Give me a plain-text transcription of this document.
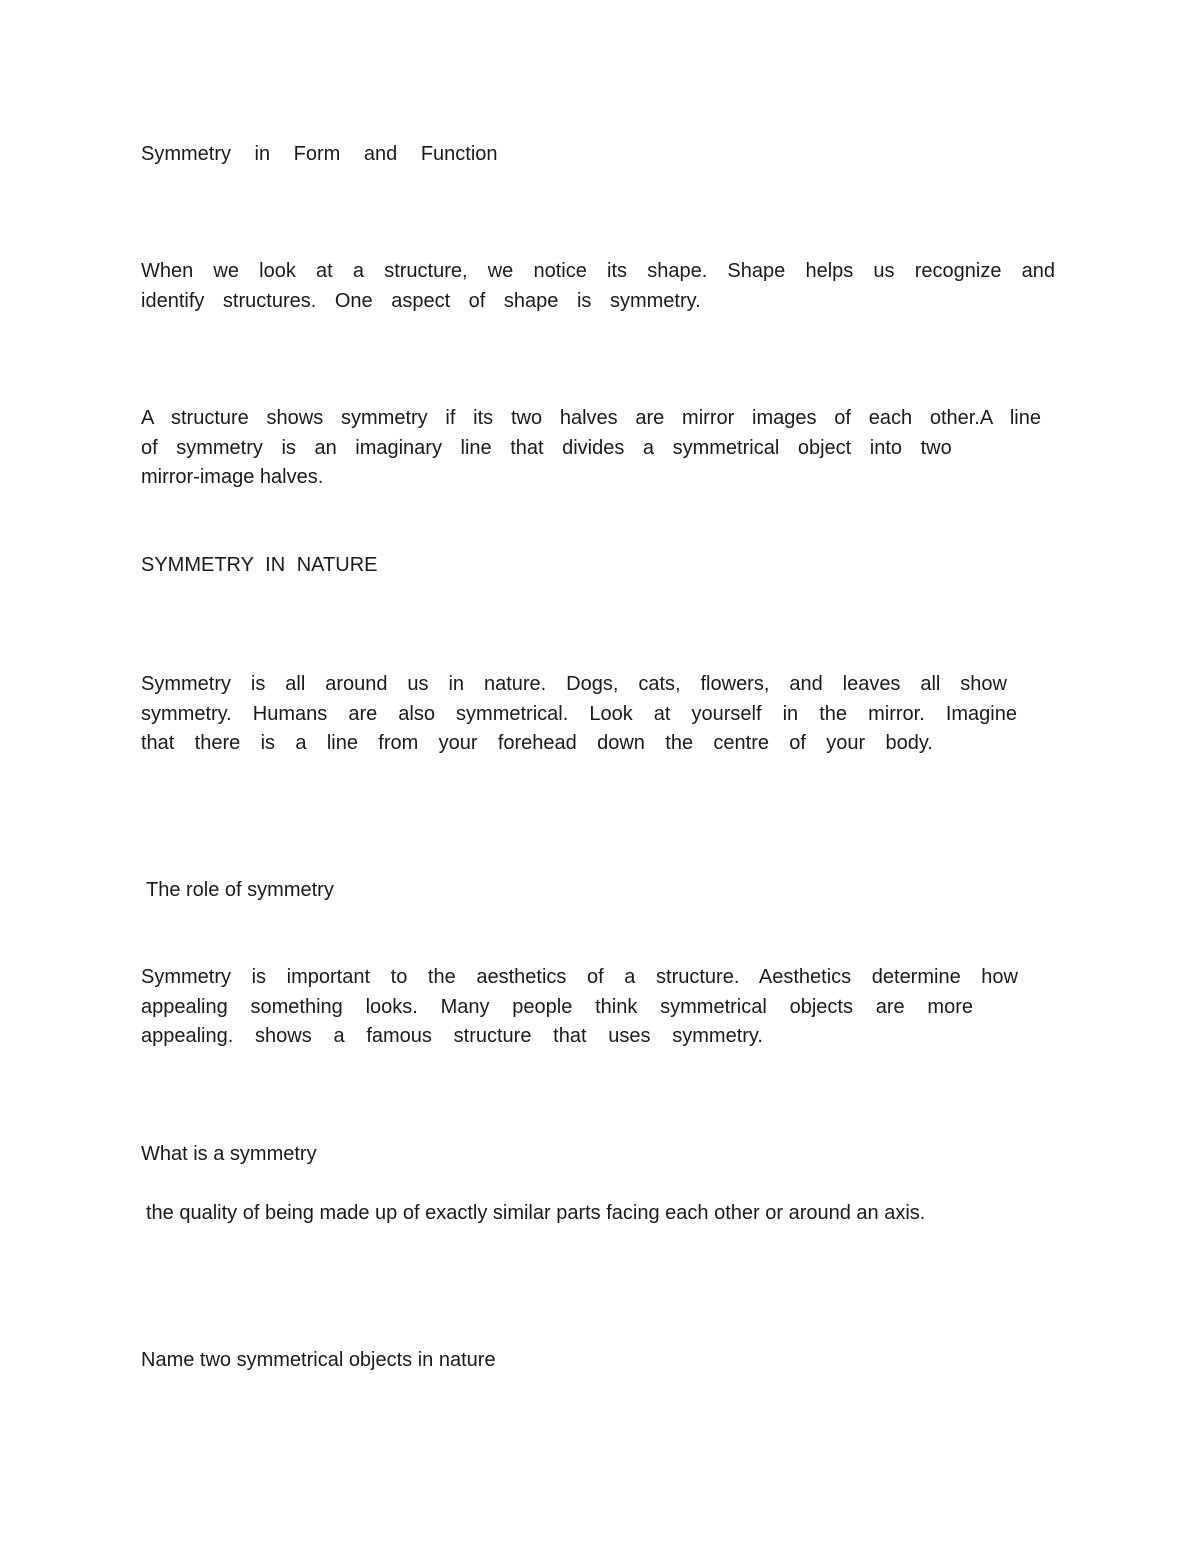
Symmetry in Form and Function

When we look at a structure, we notice its shape. Shape helps us recognize and
identify structures. One aspect of shape is symmetry.

A structure shows symmetry if its two halves are mirror images of each other.A line
of symmetry is an imaginary line that divides a symmetrical object into two
mirror-image halves.

SYMMETRY IN NATURE

Symmetry is all around us in nature. Dogs, cats, flowers, and leaves all show
symmetry. Humans are also symmetrical. Look at yourself in the mirror. Imagine
that there is a line from your forehead down the centre of your body.

The role of symmetry

Symmetry is important to the aesthetics of a structure. Aesthetics determine how
appealing something looks. Many people think symmetrical objects are more
appealing. shows a famous structure that uses symmetry.

What is a symmetry

the quality of being made up of exactly similar parts facing each other or around an axis.

Name two symmetrical objects in nature
